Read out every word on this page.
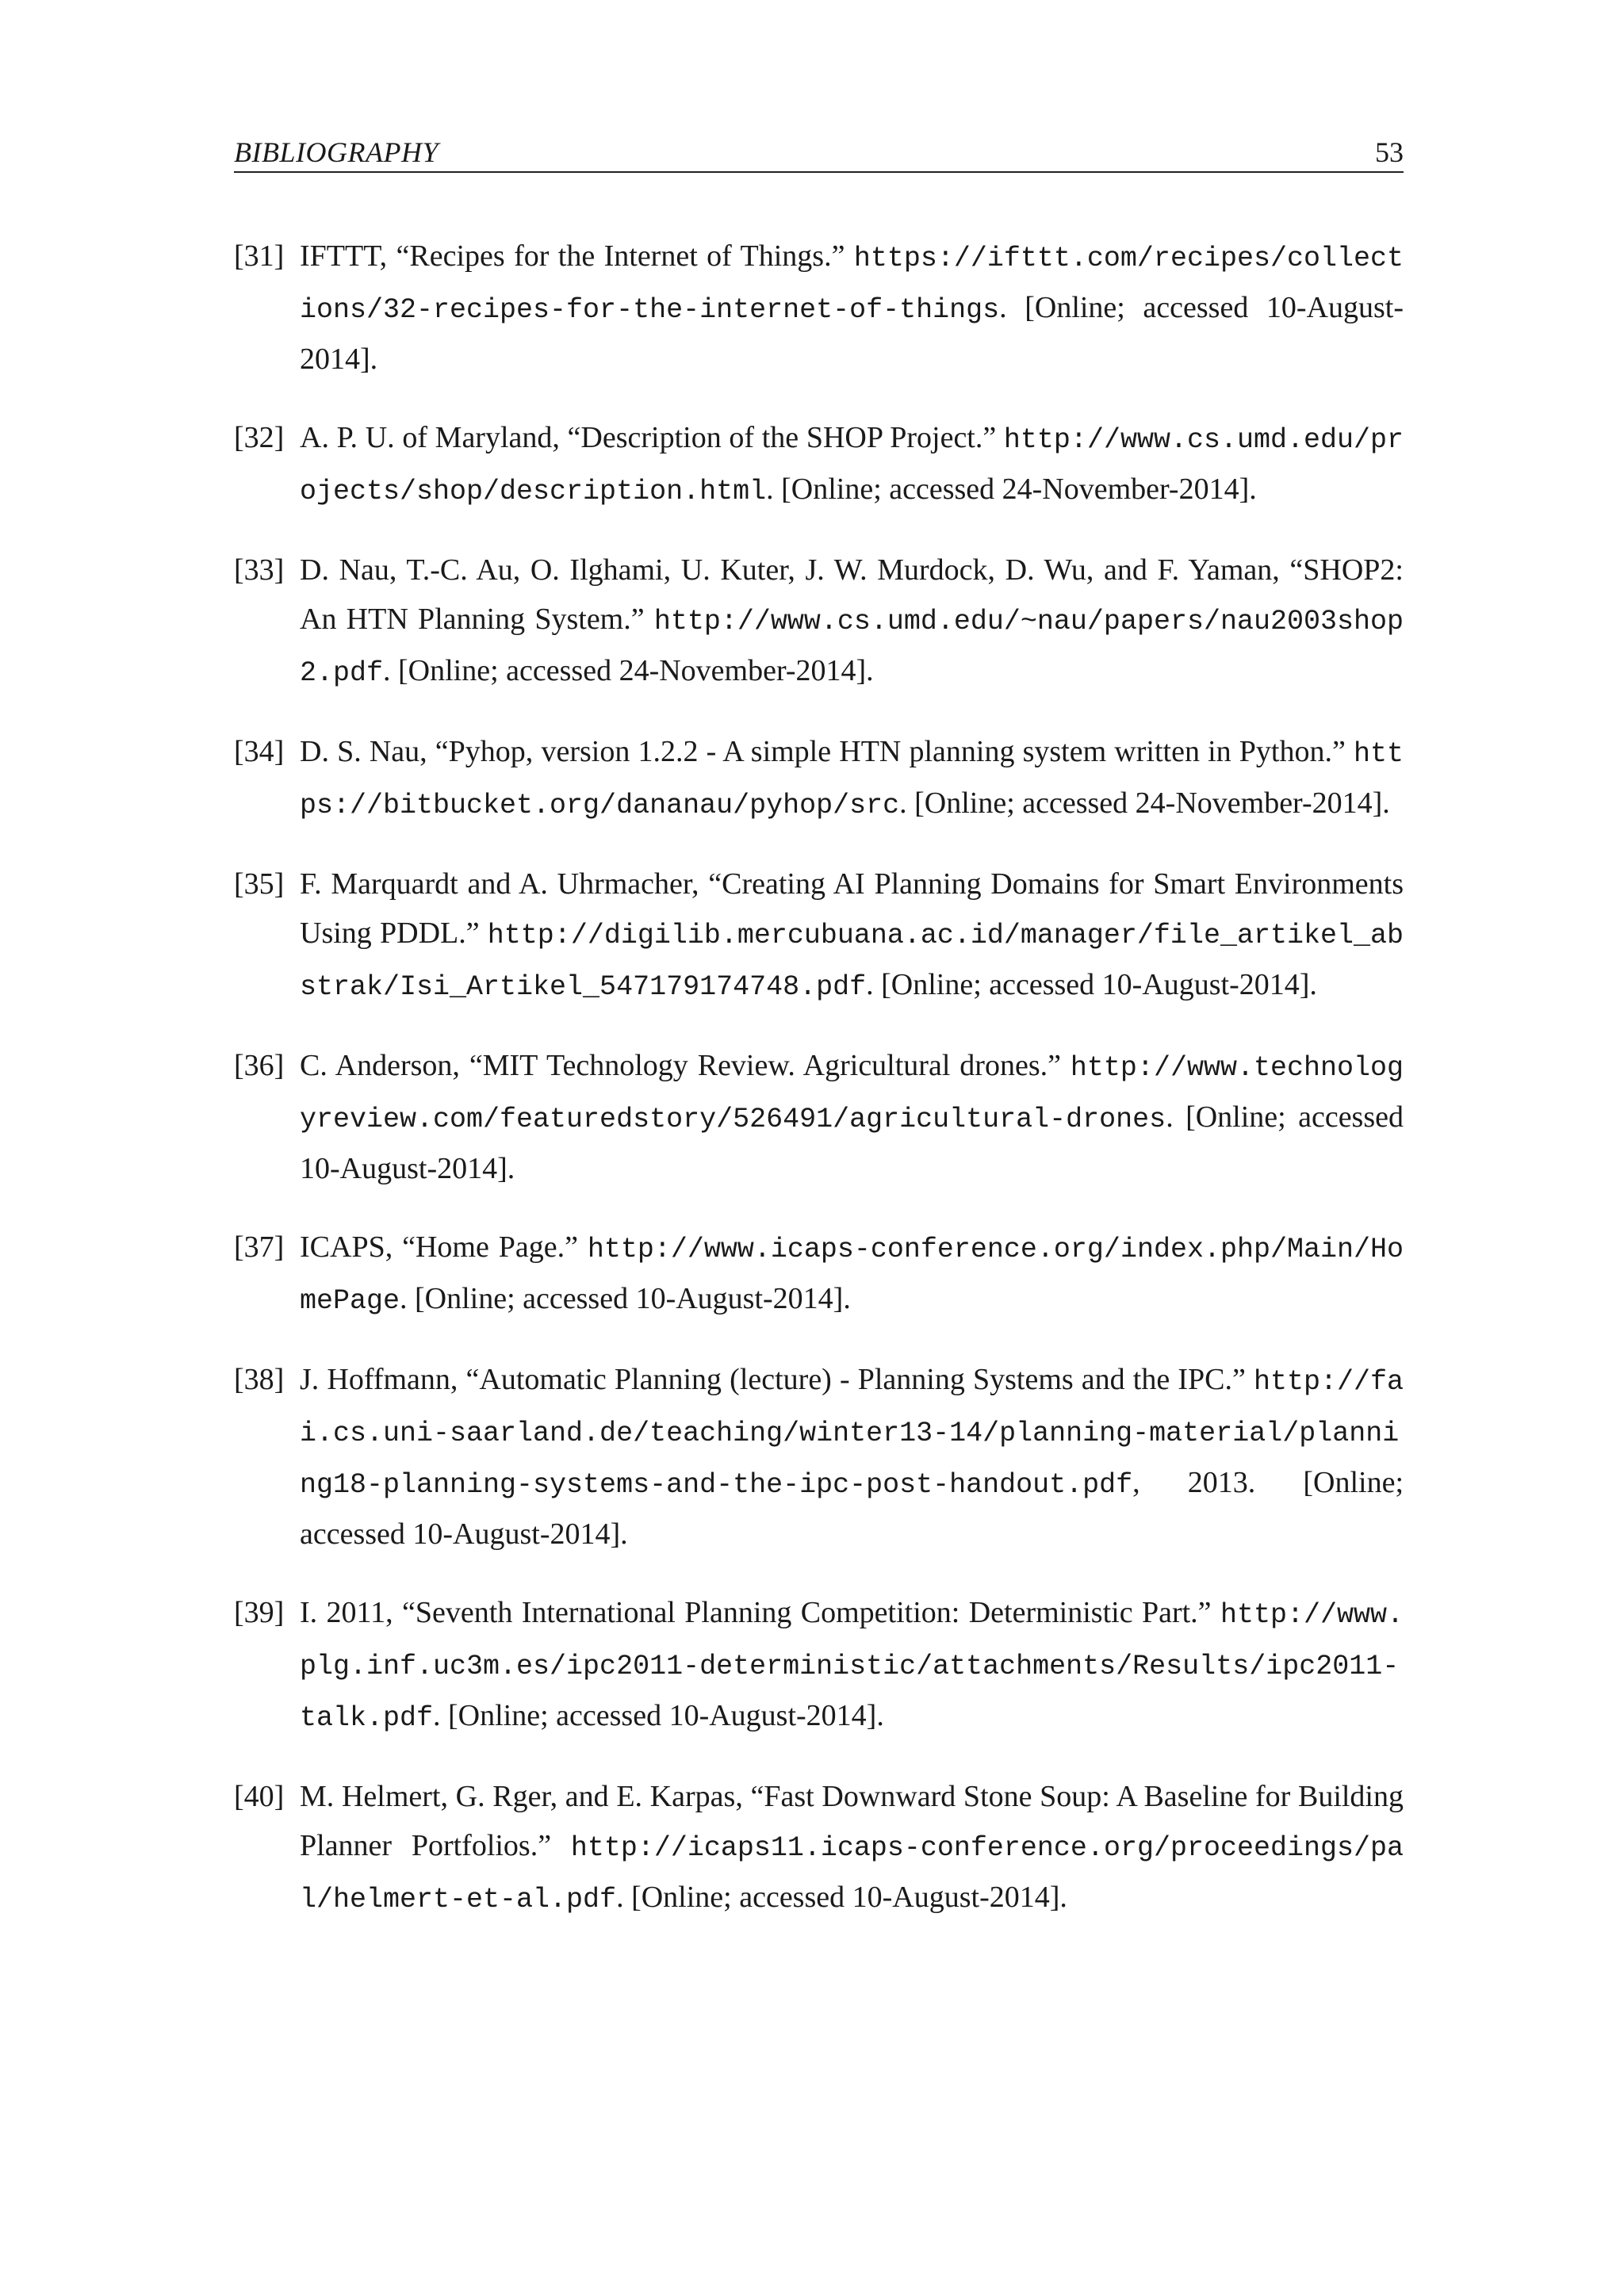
BIBLIOGRAPHY	53
[31] IFTTT, “Recipes for the Internet of Things.” https://ifttt.com/recipes/collections/32-recipes-for-the-internet-of-things. [Online; accessed 10-August-2014].
[32] A. P. U. of Maryland, “Description of the SHOP Project.” http://www.cs.umd.edu/projects/shop/description.html. [Online; accessed 24-November-2014].
[33] D. Nau, T.-C. Au, O. Ilghami, U. Kuter, J. W. Murdock, D. Wu, and F. Yaman, “SHOP2: An HTN Planning System.” http://www.cs.umd.edu/~nau/papers/nau2003shop2.pdf. [Online; accessed 24-November-2014].
[34] D. S. Nau, “Pyhop, version 1.2.2 - A simple HTN planning system written in Python.” https://bitbucket.org/dananau/pyhop/src. [Online; accessed 24-November-2014].
[35] F. Marquardt and A. Uhrmacher, “Creating AI Planning Domains for Smart Environments Using PDDL.” http://digilib.mercubuana.ac.id/manager/file_artikel_abstrak/Isi_Artikel_547179174748.pdf. [Online; accessed 10-August-2014].
[36] C. Anderson, “MIT Technology Review. Agricultural drones.” http://www.technologyreview.com/featuredstory/526491/agricultural-drones. [Online; accessed 10-August-2014].
[37] ICAPS, “Home Page.” http://www.icaps-conference.org/index.php/Main/HomePage. [Online; accessed 10-August-2014].
[38] J. Hoffmann, “Automatic Planning (lecture) - Planning Systems and the IPC.” http://fai.cs.uni-saarland.de/teaching/winter13-14/planning-material/planning18-planning-systems-and-the-ipc-post-handout.pdf, 2013. [Online; accessed 10-August-2014].
[39] I. 2011, “Seventh International Planning Competition: Deterministic Part.” http://www.plg.inf.uc3m.es/ipc2011-deterministic/attachments/Results/ipc2011-talk.pdf. [Online; accessed 10-August-2014].
[40] M. Helmert, G. Rger, and E. Karpas, “Fast Downward Stone Soup: A Baseline for Building Planner Portfolios.” http://icaps11.icaps-conference.org/proceedings/pal/helmert-et-al.pdf. [Online; accessed 10-August-2014].
